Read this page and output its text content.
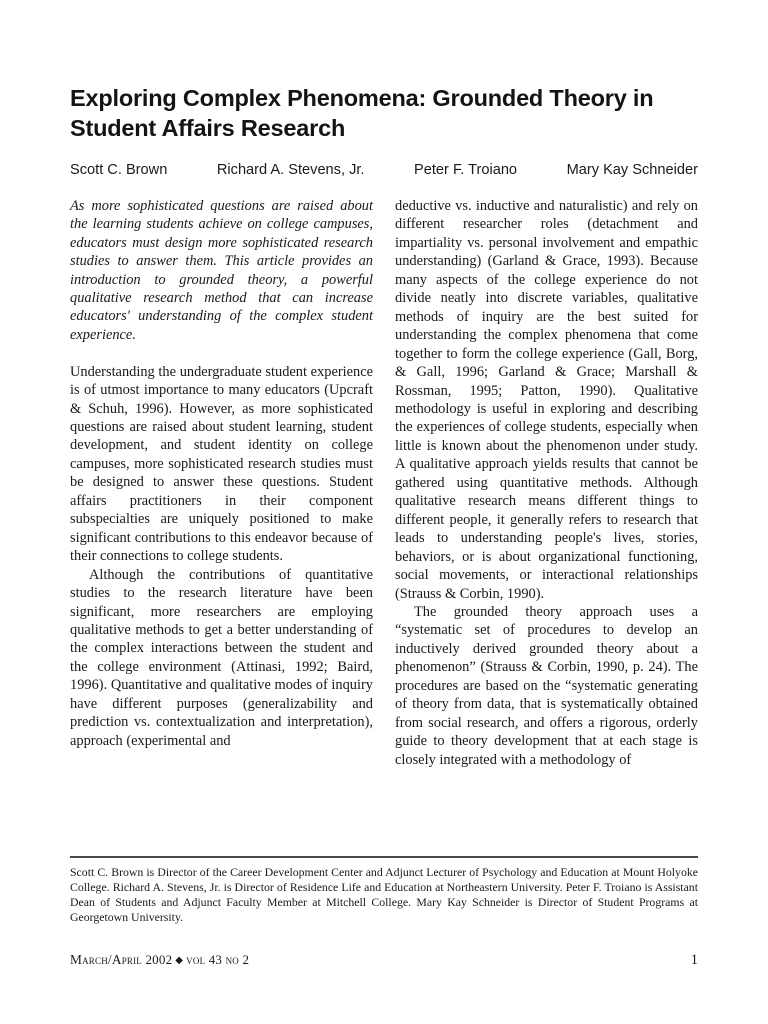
Exploring Complex Phenomena: Grounded Theory in Student Affairs Research
Scott C. Brown	Richard A. Stevens, Jr.	Peter F. Troiano	Mary Kay Schneider

As more sophisticated questions are raised about the learning students achieve on college campuses, educators must design more sophisticated research studies to answer them. This article provides an introduction to grounded theory, a powerful qualitative research method that can increase educators' understanding of the complex student experience.

Understanding the undergraduate student experience is of utmost importance to many educators (Upcraft & Schuh, 1996). However, as more sophisticated questions are raised about student learning, student development, and student identity on college campuses, more sophisticated research studies must be designed to answer these questions. Student affairs practitioners in their component subspecialties are uniquely positioned to make significant contributions to this endeavor because of their connections to college students.

Although the contributions of quantitative studies to the research literature have been significant, more researchers are employing qualitative methods to get a better understanding of the complex interactions between the student and the college environment (Attinasi, 1992; Baird, 1996). Quantitative and qualitative modes of inquiry have different purposes (generalizability and prediction vs. contextualization and interpretation), approach (experimental and

deductive vs. inductive and naturalistic) and rely on different researcher roles (detachment and impartiality vs. personal involvement and empathic understanding) (Garland & Grace, 1993). Because many aspects of the college experience do not divide neatly into discrete variables, qualitative methods of inquiry are the best suited for understanding the complex phenomena that come together to form the college experience (Gall, Borg, & Gall, 1996; Garland & Grace; Marshall & Rossman, 1995; Patton, 1990). Qualitative methodology is useful in exploring and describing the experiences of college students, especially when little is known about the phenomenon under study. A qualitative approach yields results that cannot be gathered using quantitative methods. Although qualitative research means different things to different people, it generally refers to research that leads to understanding people's lives, stories, behaviors, or is about organizational functioning, social movements, or interactional relationships (Strauss & Corbin, 1990).

The grounded theory approach uses a “systematic set of procedures to develop an inductively derived grounded theory about a phenomenon” (Strauss & Corbin, 1990, p. 24). The procedures are based on the “systematic generating of theory from data, that is systematically obtained from social research, and offers a rigorous, orderly guide to theory development that at each stage is closely integrated with a methodology of

Scott C. Brown is Director of the Career Development Center and Adjunct Lecturer of Psychology and Education at Mount Holyoke College. Richard A. Stevens, Jr. is Director of Residence Life and Education at Northeastern University. Peter F. Troiano is Assistant Dean of Students and Adjunct Faculty Member at Mitchell College. Mary Kay Schneider is Director of Student Programs at Georgetown University.

March/April 2002 ◆ vol 43 no 2	1
